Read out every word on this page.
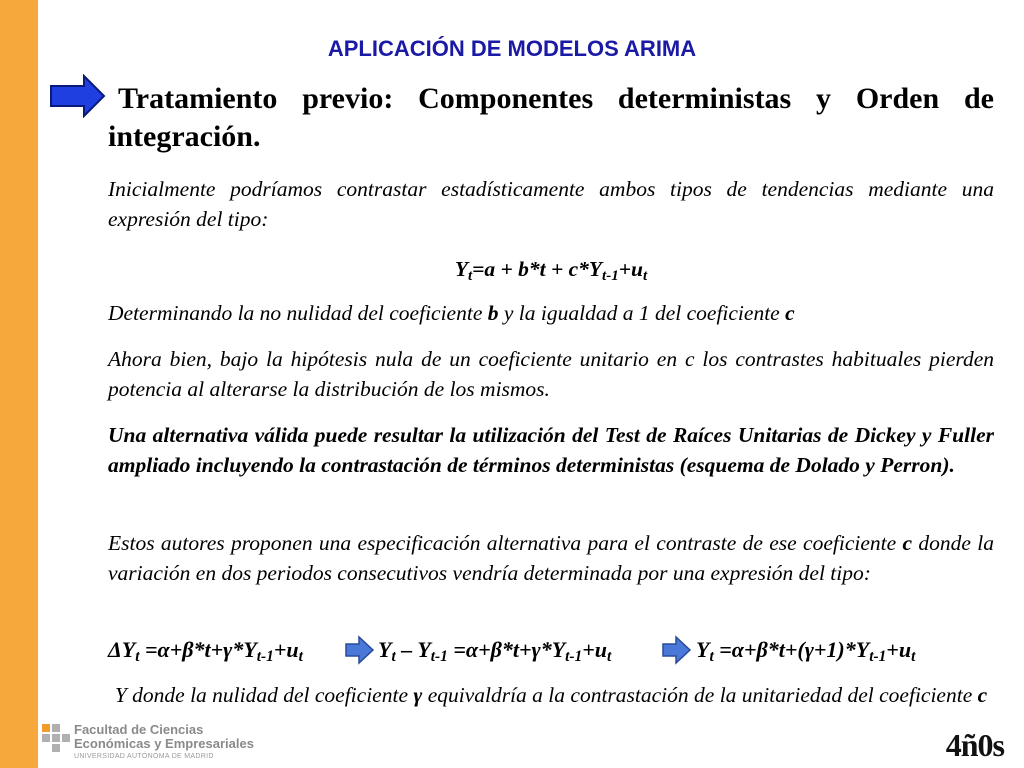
APLICACIÓN DE MODELOS ARIMA
Tratamiento previo: Componentes deterministas y Orden de integración.

Inicialmente podríamos contrastar estadísticamente ambos tipos de tendencias mediante una expresión del tipo:

$Y_t=a + b*t + c*Y_{t-1}+u_t$

Determinando la no nulidad del coeficiente b y la igualdad a 1 del coeficiente c

Ahora bien, bajo la hipótesis nula de un coeficiente unitario en c los contrastes habituales pierden potencia al alterarse la distribución de los mismos.

Una alternativa válida puede resultar la utilización del Test de Raíces Unitarias de Dickey y Fuller ampliado incluyendo la contrastación de términos deterministas (esquema de Dolado y Perron).

Estos autores proponen una especificación alternativa para el contraste de ese coeficiente c donde la variación en dos periodos consecutivos vendría determinada por una expresión del tipo:

$\Delta Y_t =\alpha+\beta*t+\gamma*Y_{t-1}+u_t$	$Y_t - Y_{t-1} =\alpha+\beta*t+\gamma*Y_{t-1}+u_t$	$Y_t =\alpha+\beta*t+(\gamma+1)*Y_{t-1}+u_t$

Y donde la nulidad del coeficiente γ equivaldría a la contrastación de la unitariedad del coeficiente c

Facultad de Ciencias
Económicas y Empresariales
UNIVERSIDAD AUTÓNOMA DE MADRID	4ñ0s
